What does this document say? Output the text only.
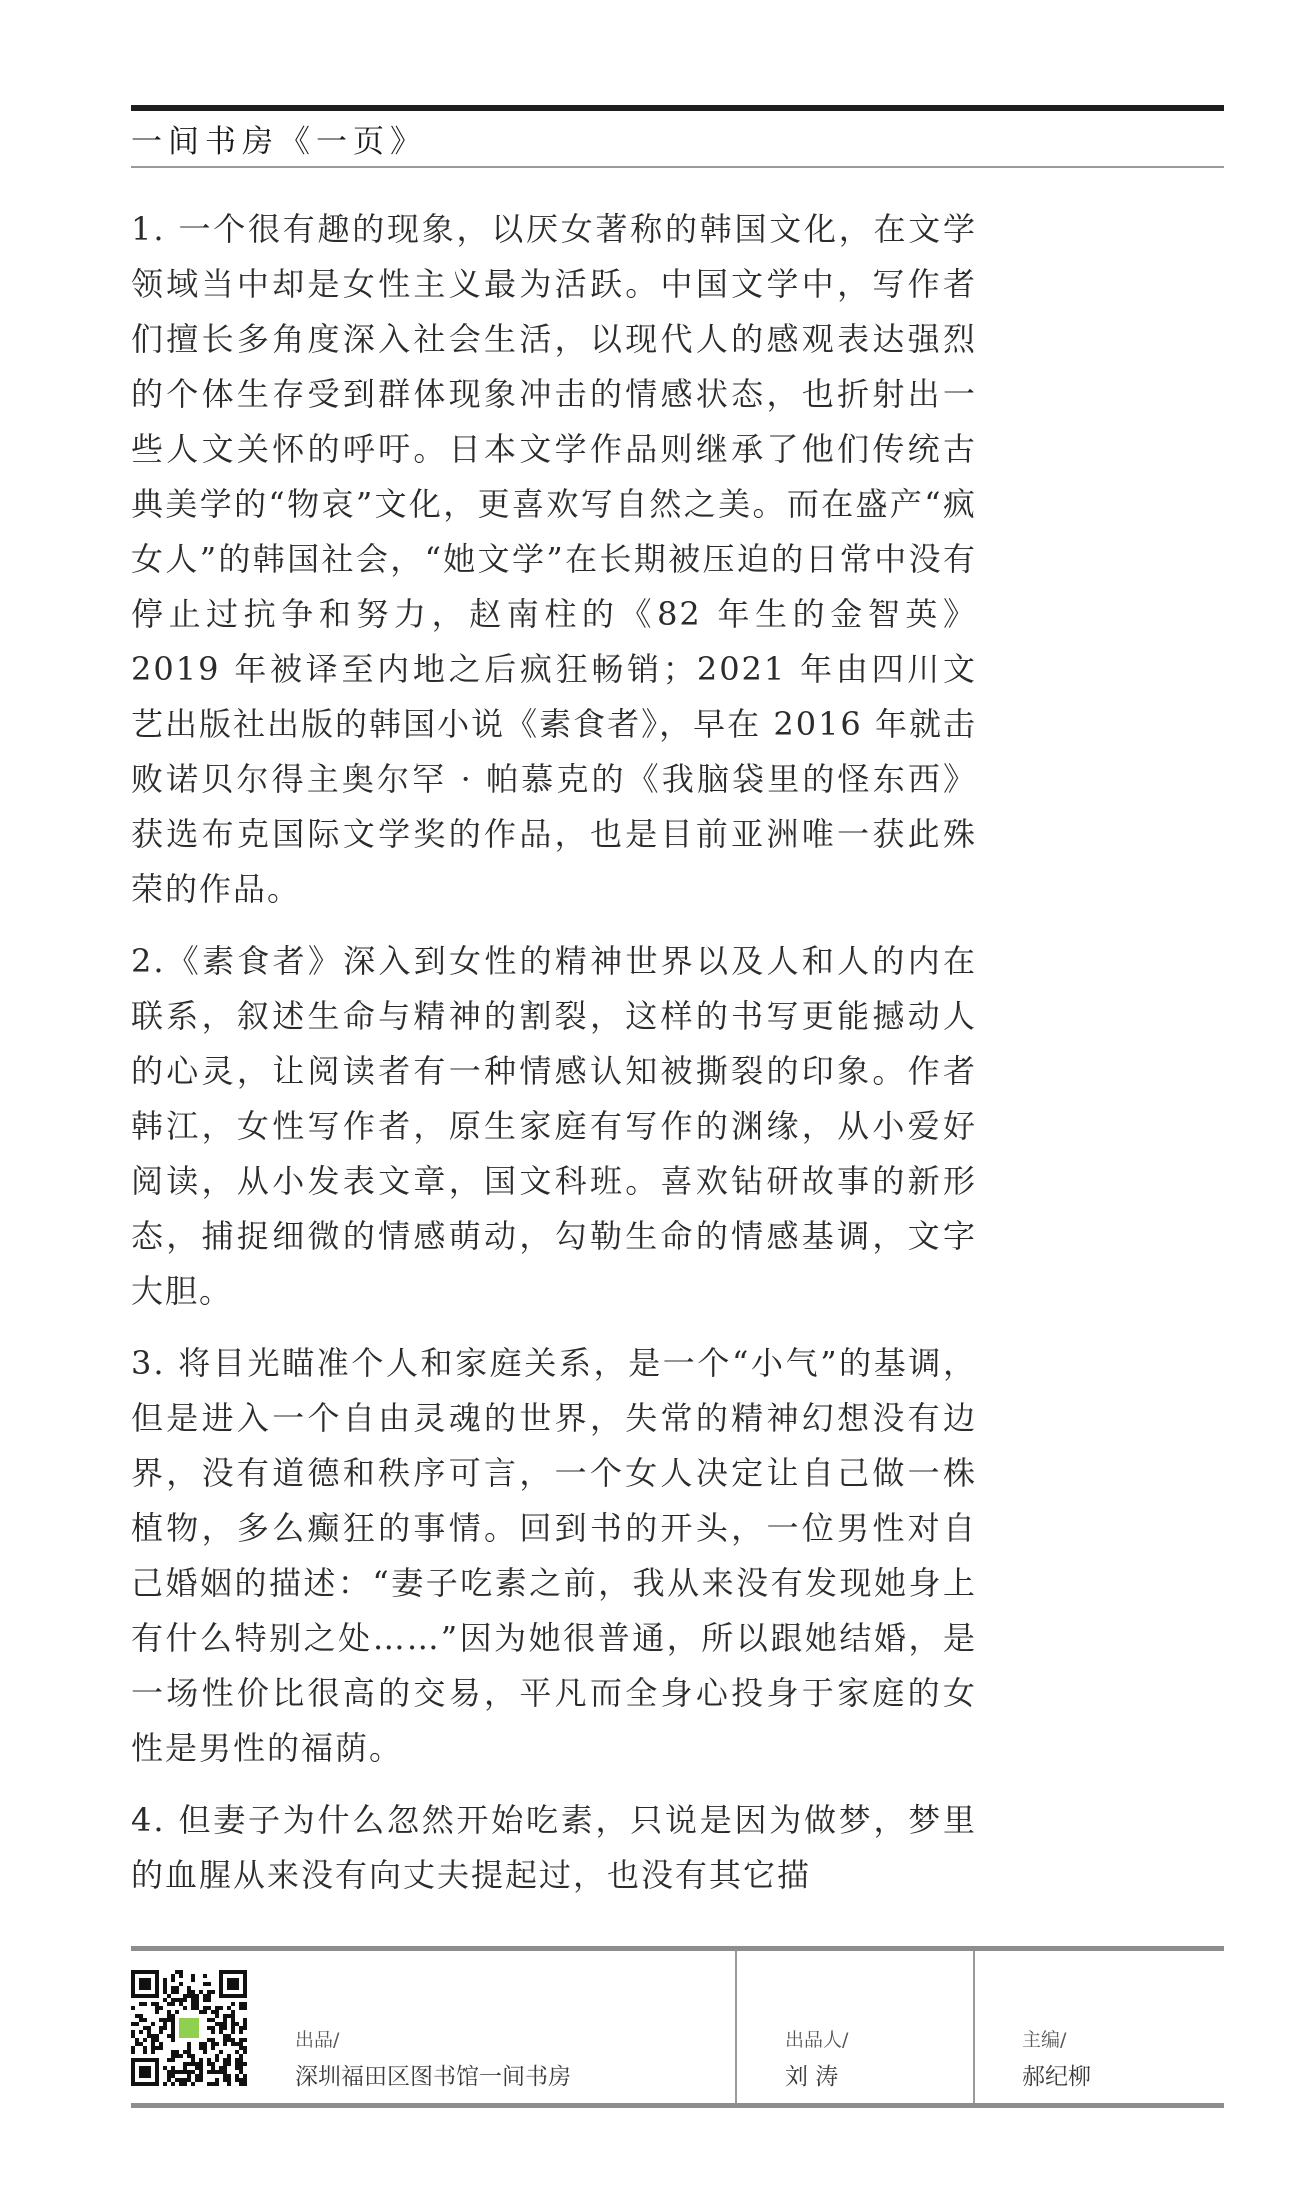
一间书房《一页》

1. 一个很有趣的现象，以厌女著称的韩国文化，在文学领域当中却是女性主义最为活跃。中国文学中，写作者们擅长多角度深入社会生活，以现代人的感观表达强烈的个体生存受到群体现象冲击的情感状态，也折射出一些人文关怀的呼吁。日本文学作品则继承了他们传统古典美学的“物哀”文化，更喜欢写自然之美。而在盛产“疯女人”的韩国社会，“她文学”在长期被压迫的日常中没有停止过抗争和努力，赵南柱的《82 年生的金智英》2019 年被译至内地之后疯狂畅销；2021 年由四川文艺出版社出版的韩国小说《素食者》，早在 2016 年就击败诺贝尔得主奥尔罕 · 帕慕克的《我脑袋里的怪东西》获选布克国际文学奖的作品，也是目前亚洲唯一获此殊荣的作品。

2.《素食者》深入到女性的精神世界以及人和人的内在联系，叙述生命与精神的割裂，这样的书写更能撼动人的心灵，让阅读者有一种情感认知被撕裂的印象。作者韩江，女性写作者，原生家庭有写作的渊缘，从小爱好阅读，从小发表文章，国文科班。喜欢钻研故事的新形态，捕捉细微的情感萌动，勾勒生命的情感基调，文字大胆。

3. 将目光瞄准个人和家庭关系，是一个“小气”的基调，但是进入一个自由灵魂的世界，失常的精神幻想没有边界，没有道德和秩序可言，一个女人决定让自己做一株植物，多么癫狂的事情。回到书的开头，一位男性对自己婚姻的描述：“妻子吃素之前，我从来没有发现她身上有什么特别之处……”因为她很普通，所以跟她结婚，是一场性价比很高的交易，平凡而全身心投身于家庭的女性是男性的福荫。

4. 但妻子为什么忽然开始吃素，只说是因为做梦，梦里的血腥从来没有向丈夫提起过，也没有其它描

出品/
深圳福田区图书馆一间书房
出品人/
刘 涛
主编/
郝纪柳
